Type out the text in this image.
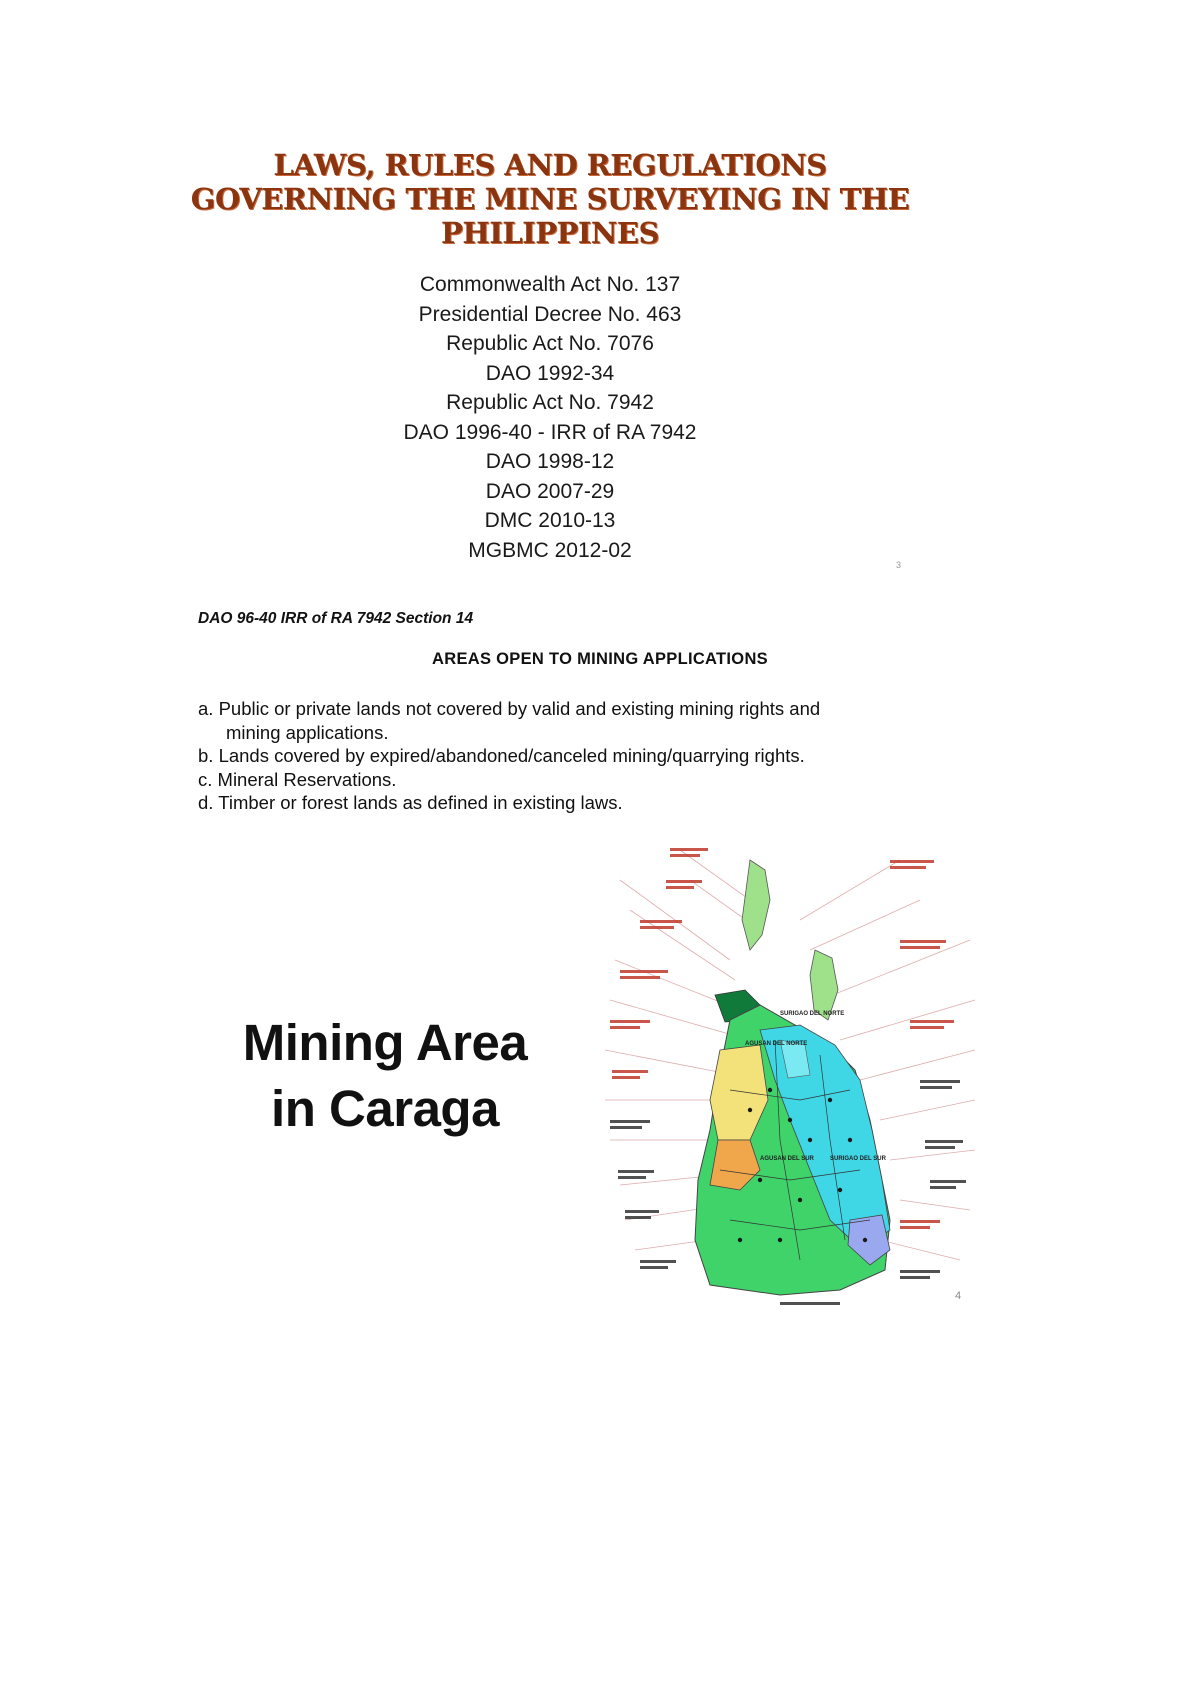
LAWS, RULES AND REGULATIONS
GOVERNING THE MINE SURVEYING IN THE
PHILIPPINES
Commonwealth Act No. 137
Presidential Decree No. 463
Republic Act No. 7076
DAO 1992-34
Republic Act No. 7942
DAO 1996-40 - IRR of RA 7942
DAO 1998-12
DAO 2007-29
DMC 2010-13
MGBMC 2012-02
3
DAO 96-40 IRR of RA 7942 Section 14
AREAS OPEN TO MINING APPLICATIONS
a. Public or private lands not covered by valid and existing mining rights and
mining applications.
b. Lands covered by expired/abandoned/canceled mining/quarrying rights.
c. Mineral Reservations.
d. Timber or forest lands as defined in existing laws.
Mining Area
in Caraga
SURIGAO DEL NORTE
AGUSAN DEL NORTE
AGUSAN DEL SUR	SURIGAO DEL SUR
4
